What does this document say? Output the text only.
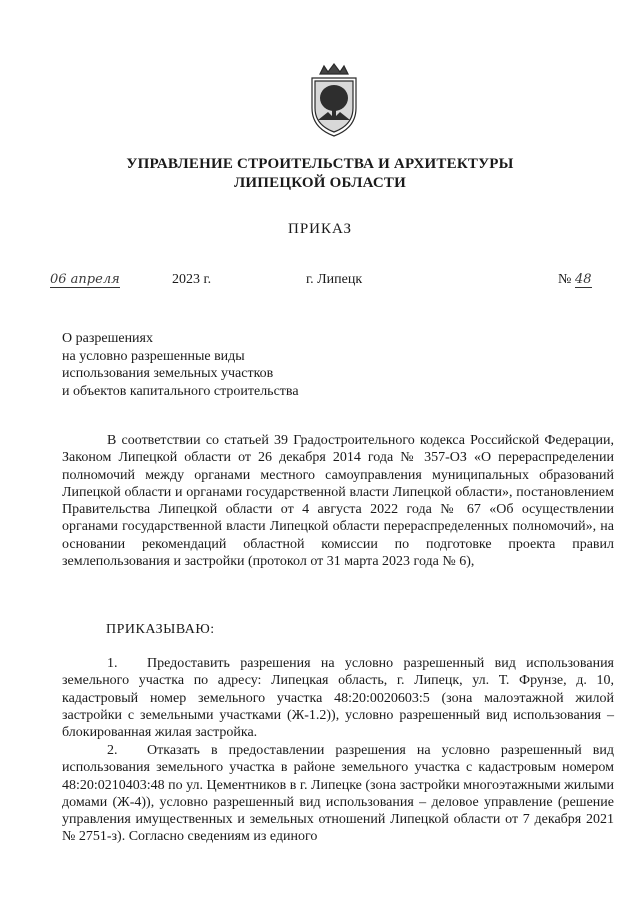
УПРАВЛЕНИЕ СТРОИТЕЛЬСТВА И АРХИТЕКТУРЫ
ЛИПЕЦКОЙ ОБЛАСТИ
ПРИКАЗ
06 апреля	2023 г.	г. Липецк	№ 48
О разрешениях
на условно разрешенные виды
использования земельных участков
и объектов капитального строительства
В соответствии со статьей 39 Градостроительного кодекса Российской Федерации, Законом Липецкой области от 26 декабря 2014 года № 357-ОЗ «О перераспределении полномочий между органами местного самоуправления муниципальных образований Липецкой области и органами государственной власти Липецкой области», постановлением Правительства Липецкой области от 4 августа 2022 года № 67 «Об осуществлении органами государственной власти Липецкой области перераспределенных полномочий», на основании рекомендаций областной комиссии по подготовке проекта правил землепользования и застройки (протокол от 31 марта 2023 года № 6),
ПРИКАЗЫВАЮ:
1. Предоставить разрешения на условно разрешенный вид использования земельного участка по адресу: Липецкая область, г. Липецк, ул. Т. Фрунзе, д. 10, кадастровый номер земельного участка 48:20:0020603:5 (зона малоэтажной жилой застройки с земельными участками (Ж-1.2)), условно разрешенный вид использования – блокированная жилая застройка.
2. Отказать в предоставлении разрешения на условно разрешенный вид использования земельного участка в районе земельного участка с кадастровым номером 48:20:0210403:48 по ул. Цементников в г. Липецке (зона застройки многоэтажными жилыми домами (Ж-4)), условно разрешенный вид использования – деловое управление (решение управления имущественных и земельных отношений Липецкой области от 7 декабря 2021 № 2751-з). Согласно сведениям из единого
